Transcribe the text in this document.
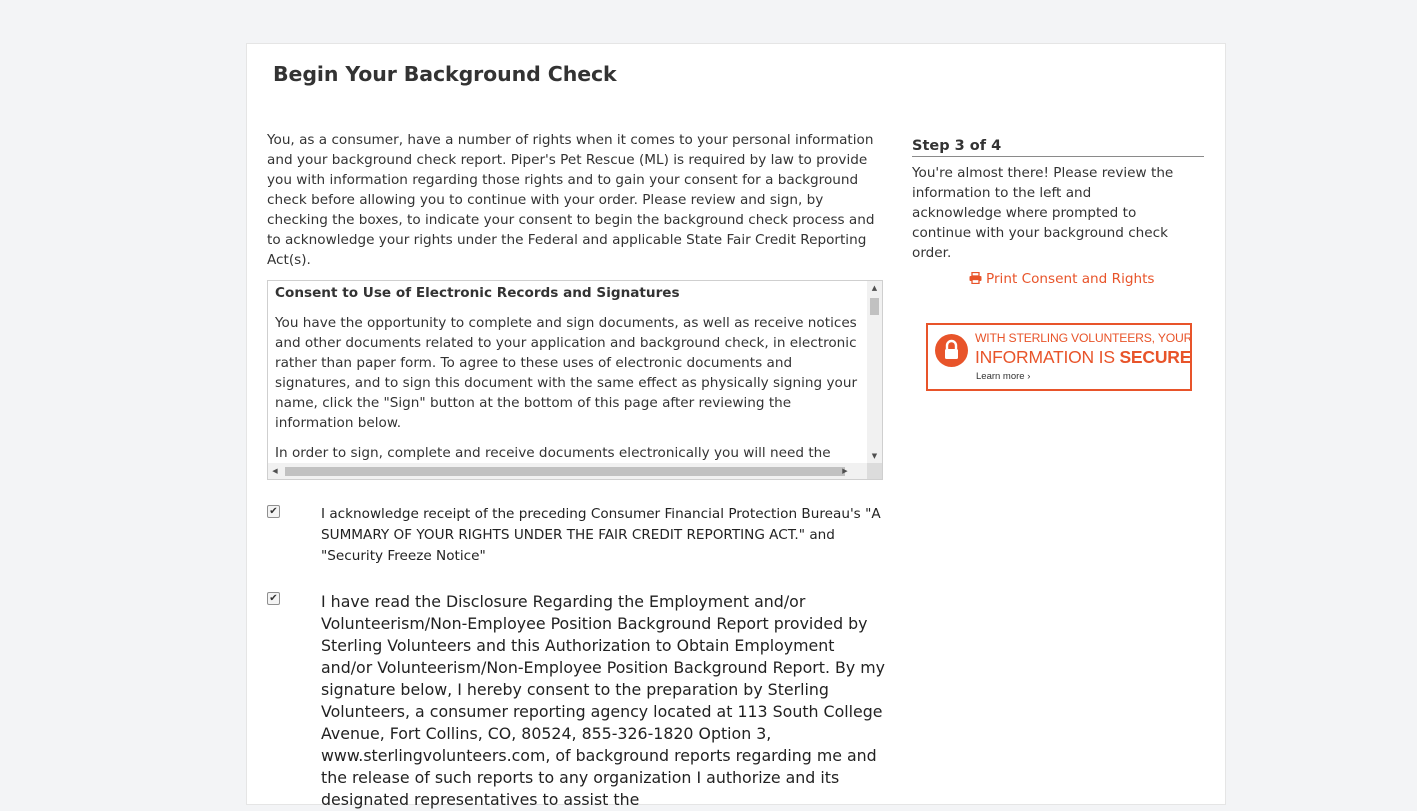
Begin Your Background Check

You, as a consumer, have a number of rights when it comes to your personal information and your background check report. Piper's Pet Rescue (ML) is required by law to provide you with information regarding those rights and to gain your consent for a background check before allowing you to continue with your order. Please review and sign, by checking the boxes, to indicate your consent to begin the background check process and to acknowledge your rights under the Federal and applicable State Fair Credit Reporting Act(s).

Consent to Use of Electronic Records and Signatures

You have the opportunity to complete and sign documents, as well as receive notices and other documents related to your application and background check, in electronic rather than paper form. To agree to these uses of electronic documents and signatures, and to sign this document with the same effect as physically signing your name, click the "Sign" button at the bottom of this page after reviewing the information below.

In order to sign, complete and receive documents electronically you will need the

▲
▼
◀	▶
✔	I acknowledge receipt of the preceding Consumer Financial Protection Bureau's "A SUMMARY OF YOUR RIGHTS UNDER THE FAIR CREDIT REPORTING ACT." and "Security Freeze Notice"
✔	I have read the Disclosure Regarding the Employment and/or Volunteerism/Non-Employee Position Background Report provided by Sterling Volunteers and this Authorization to Obtain Employment and/or Volunteerism/Non-Employee Position Background Report. By my signature below, I hereby consent to the preparation by Sterling Volunteers, a consumer reporting agency located at 113 South College Avenue, Fort Collins, CO, 80524, 855-326-1820 Option 3, www.sterlingvolunteers.com, of background reports regarding me and the release of such reports to any organization I authorize and its designated representatives to assist the
Step 3 of 4

You're almost there! Please review the information to the left and acknowledge where prompted to continue with your background check order.

Print Consent and Rights
WITH STERLING VOLUNTEERS, YOUR
INFORMATION IS SECURE
Learn more ›
